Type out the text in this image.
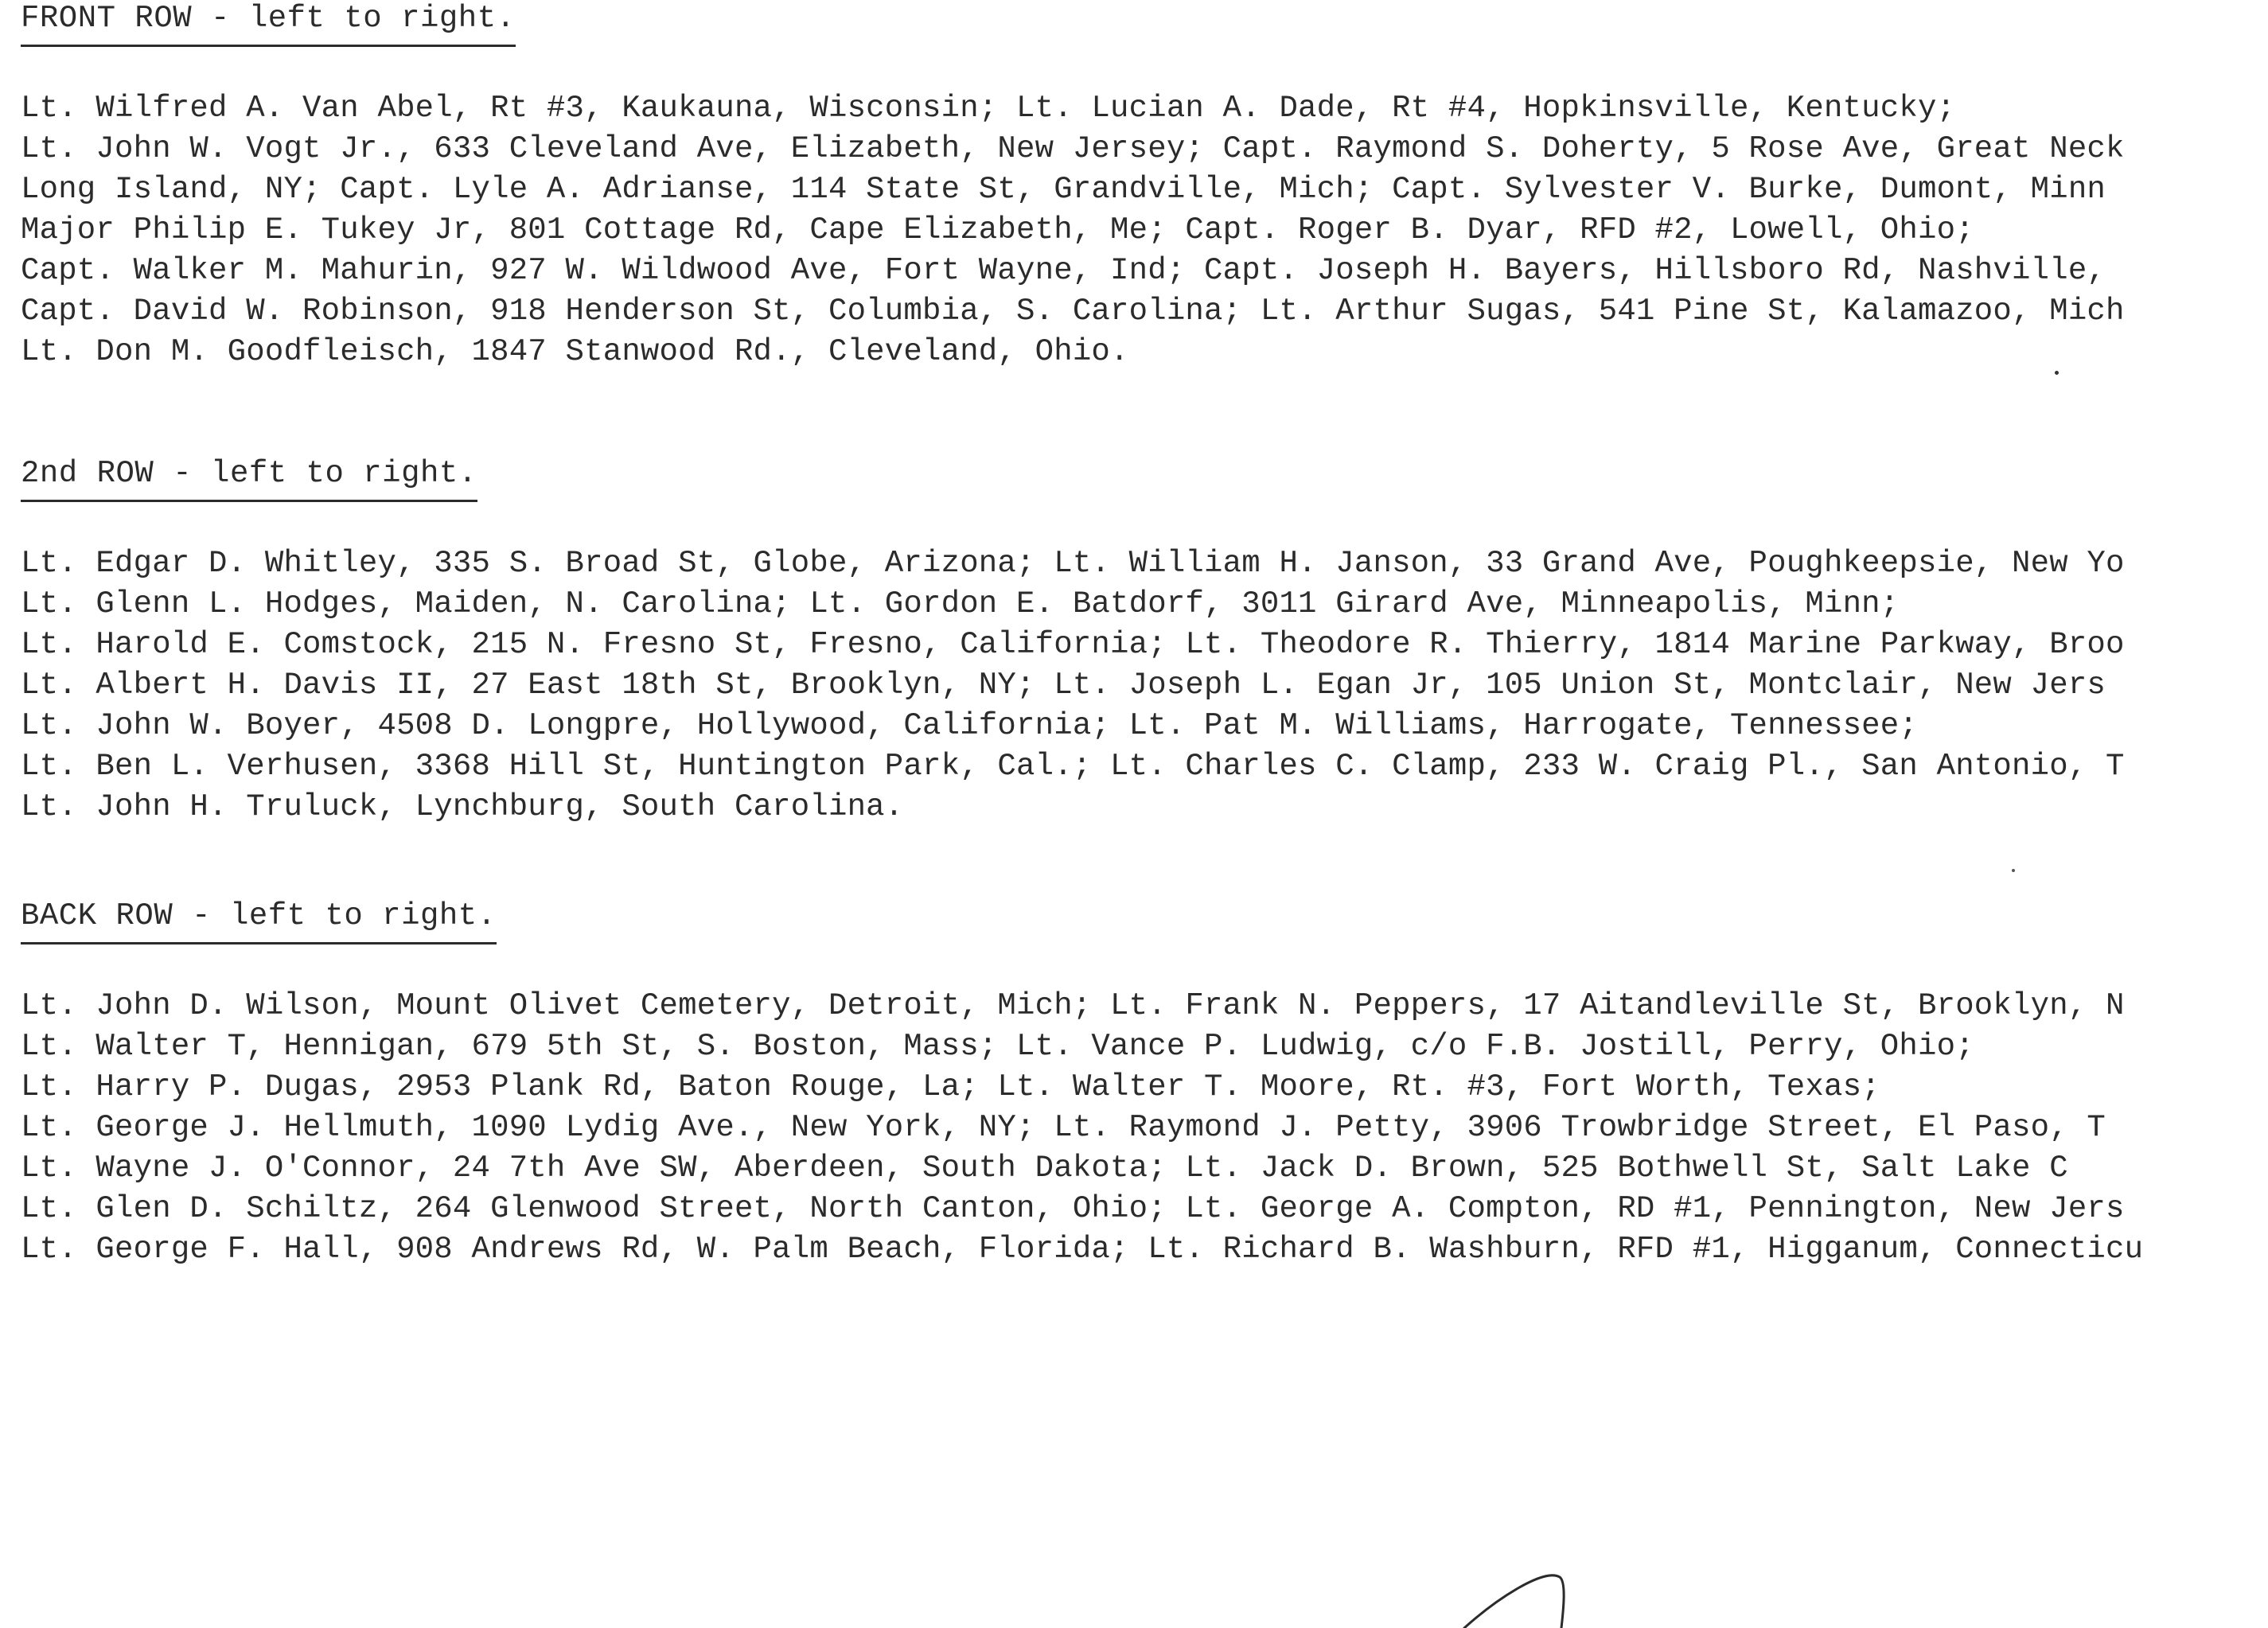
FRONT ROW - left to right.
Lt. Wilfred A. Van Abel, Rt #3, Kaukauna, Wisconsin; Lt. Lucian A. Dade, Rt #4, Hopkinsville, Kentucky;
Lt. John W. Vogt Jr., 633 Cleveland Ave, Elizabeth, New Jersey; Capt. Raymond S. Doherty, 5 Rose Ave, Great Neck
Long Island, NY; Capt. Lyle A. Adrianse, 114 State St, Grandville, Mich; Capt. Sylvester V. Burke, Dumont, Minn
Major Philip E. Tukey Jr, 801 Cottage Rd, Cape Elizabeth, Me; Capt. Roger B. Dyar, RFD #2, Lowell, Ohio;
Capt. Walker M. Mahurin, 927 W. Wildwood Ave, Fort Wayne, Ind; Capt. Joseph H. Bayers, Hillsboro Rd, Nashville,
Capt. David W. Robinson, 918 Henderson St, Columbia, S. Carolina; Lt. Arthur Sugas, 541 Pine St, Kalamazoo, Mich
Lt. Don M. Goodfleisch, 1847 Stanwood Rd., Cleveland, Ohio.
2nd ROW - left to right.
Lt. Edgar D. Whitley, 335 S. Broad St, Globe, Arizona; Lt. William H. Janson, 33 Grand Ave, Poughkeepsie, New Yo
Lt. Glenn L. Hodges, Maiden, N. Carolina; Lt. Gordon E. Batdorf, 3011 Girard Ave, Minneapolis, Minn;
Lt. Harold E. Comstock, 215 N. Fresno St, Fresno, California; Lt. Theodore R. Thierry, 1814 Marine Parkway, Broo
Lt. Albert H. Davis II, 27 East 18th St, Brooklyn, NY; Lt. Joseph L. Egan Jr, 105 Union St, Montclair, New Jers
Lt. John W. Boyer, 4508 D. Longpre, Hollywood, California; Lt. Pat M. Williams, Harrogate, Tennessee;
Lt. Ben L. Verhusen, 3368 Hill St, Huntington Park, Cal.; Lt. Charles C. Clamp, 233 W. Craig Pl., San Antonio, T
Lt. John H. Truluck, Lynchburg, South Carolina.
BACK ROW - left to right.
Lt. John D. Wilson, Mount Olivet Cemetery, Detroit, Mich; Lt. Frank N. Peppers, 17 Aitandleville St, Brooklyn, N
Lt. Walter T, Hennigan, 679 5th St, S. Boston, Mass; Lt. Vance P. Ludwig, c/o F.B. Jostill, Perry, Ohio;
Lt. Harry P. Dugas, 2953 Plank Rd, Baton Rouge, La; Lt. Walter T. Moore, Rt. #3, Fort Worth, Texas;
Lt. George J. Hellmuth, 1090 Lydig Ave., New York, NY; Lt. Raymond J. Petty, 3906 Trowbridge Street, El Paso, T
Lt. Wayne J. O'Connor, 24 7th Ave SW, Aberdeen, South Dakota; Lt. Jack D. Brown, 525 Bothwell St, Salt Lake C
Lt. Glen D. Schiltz, 264 Glenwood Street, North Canton, Ohio; Lt. George A. Compton, RD #1, Pennington, New Jers
Lt. George F. Hall, 908 Andrews Rd, W. Palm Beach, Florida; Lt. Richard B. Washburn, RFD #1, Higganum, Connecticu
